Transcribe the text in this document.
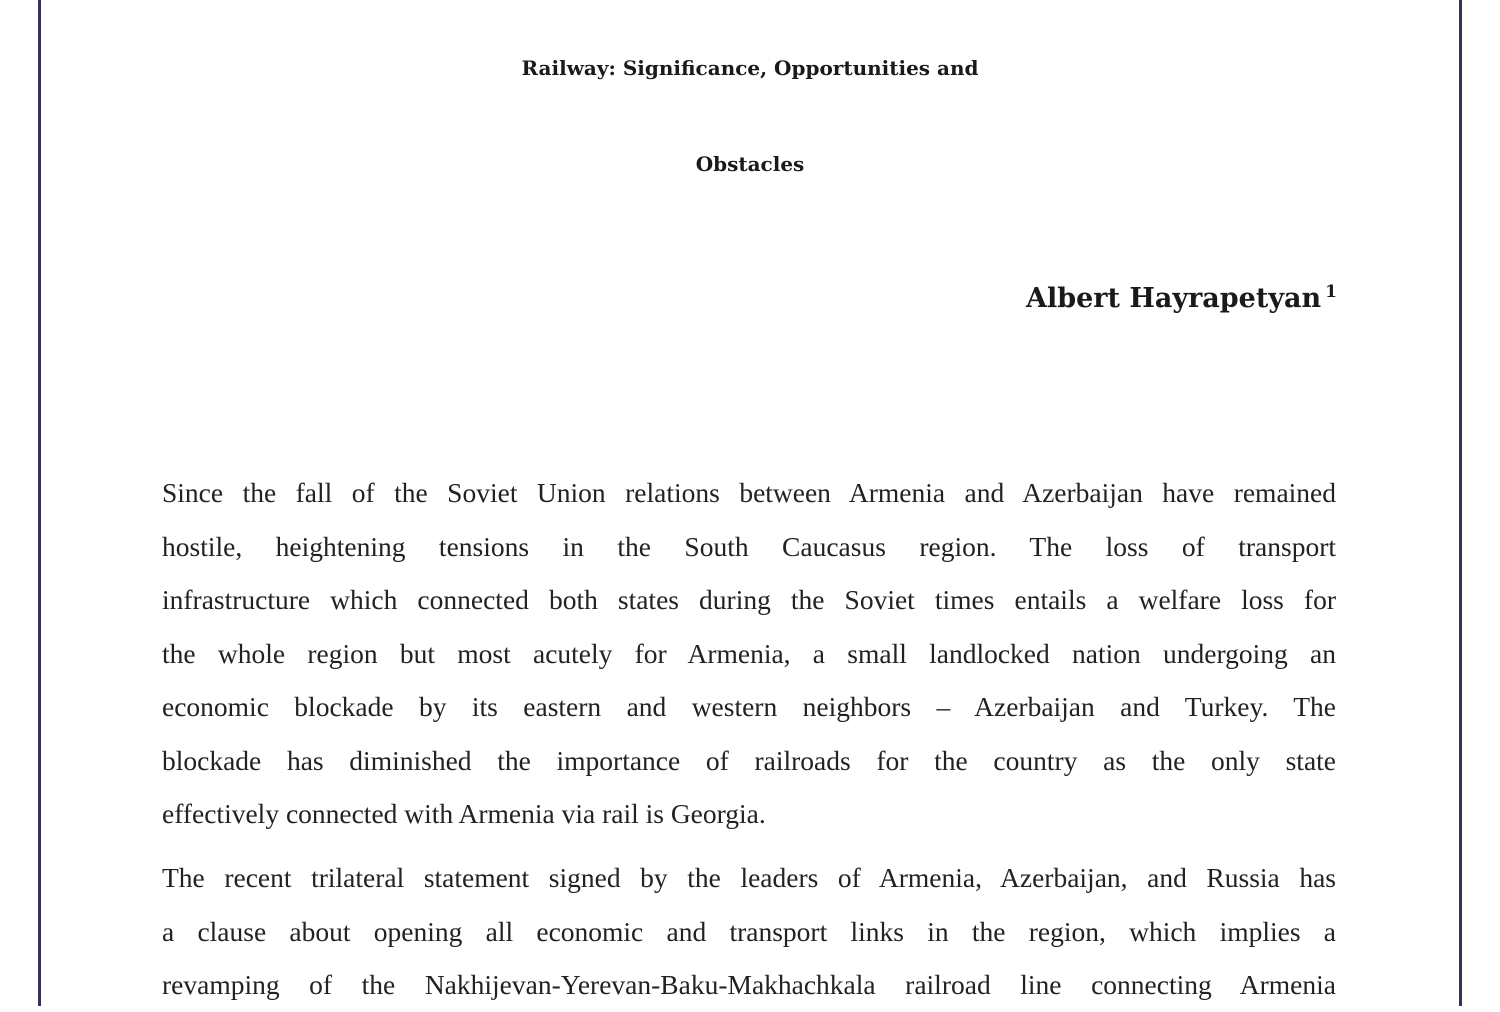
Railway: Significance, Opportunities and
Obstacles
Albert Hayrapetyan $^1$
Since the fall of the Soviet Union relations between Armenia and Azerbaijan have remained
hostile, heightening tensions in the South Caucasus region. The loss of transport
infrastructure which connected both states during the Soviet times entails a welfare loss for
the whole region but most acutely for Armenia, a small landlocked nation undergoing an
economic blockade by its eastern and western neighbors – Azerbaijan and Turkey. The
blockade has diminished the importance of railroads for the country as the only state
effectively connected with Armenia via rail is Georgia.
The recent trilateral statement signed by the leaders of Armenia, Azerbaijan, and Russia has
a clause about opening all economic and transport links in the region, which implies a
revamping of the Nakhijevan-Yerevan-Baku-Makhachkala railroad line connecting Armenia
